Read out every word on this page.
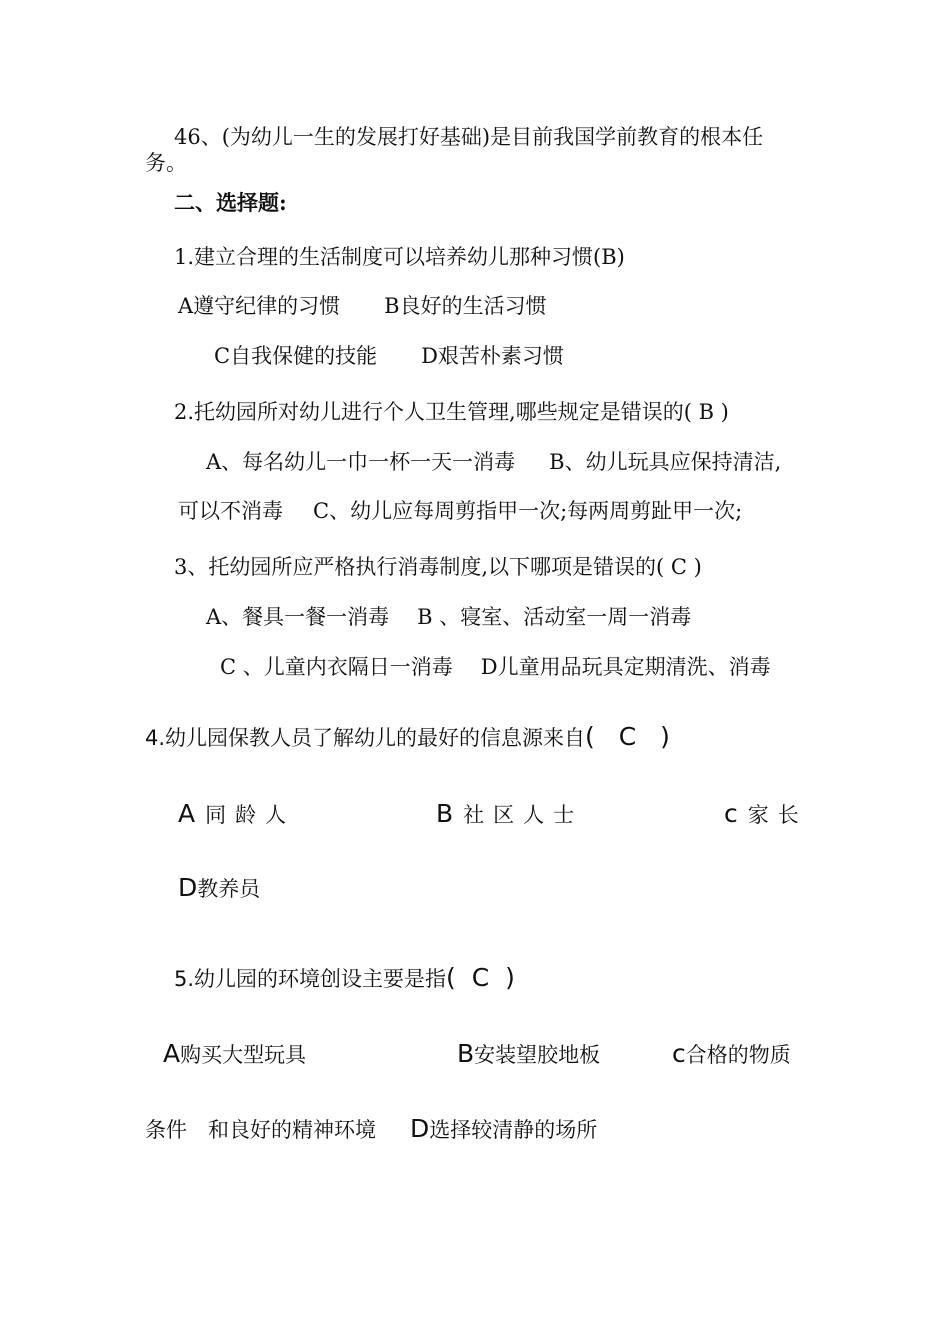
46、(为幼儿一生的发展打好基础)是目前我国学前教育的根本任
务。
二、选择题:
1.建立合理的生活制度可以培养幼儿那种习惯(B)
A遵守纪律的习惯 B良好的生活习惯
C自我保健的技能 D艰苦朴素习惯
2.托幼园所对幼儿进行个人卫生管理,哪些规定是错误的( B )
A、每名幼儿一巾一杯一天一消毒 B、幼儿玩具应保持清洁,
可以不消毒 C、幼儿应每周剪指甲一次;每两周剪趾甲一次;
3、托幼园所应严格执行消毒制度,以下哪项是错误的( C )
A、餐具一餐一消毒 B 、寝室、活动室一周一消毒
C 、儿童内衣隔日一消毒 D儿童用品玩具定期清洗、消毒
4.幼儿园保教人员了解幼儿的最好的信息源来自( C )
A 同龄人	B 社区人士	c 家长
D教养员
5.幼儿园的环境创设主要是指( C )
A购买大型玩具	B安装望胶地板	c合格的物质
条件　和良好的精神环境 D选择较清静的场所
